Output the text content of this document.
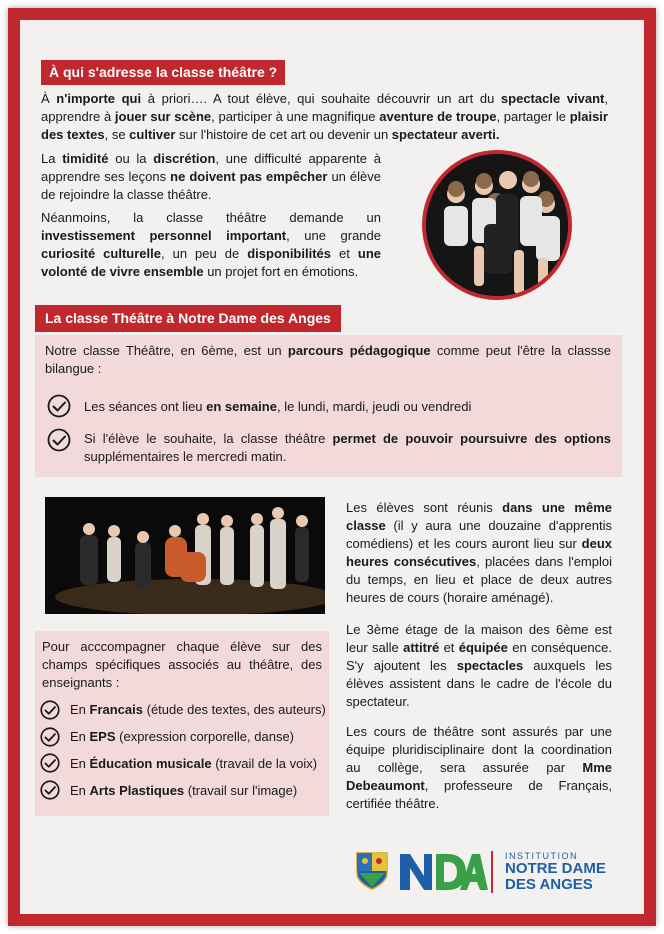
À qui s'adresse la classe théâtre ?
À n'importe qui à priori…. A tout élève, qui souhaite découvrir un art du spectacle vivant, apprendre à jouer sur scène, participer à une magnifique aventure de troupe, partager le plaisir des textes, se cultiver sur l'histoire de cet art ou devenir un spectateur averti.
La timidité ou la discrétion, une difficulté apparente à apprendre ses leçons ne doivent pas empêcher un élève de rejoindre la classe théâtre.
Néanmoins, la classe théâtre demande un investissement personnel important, une grande curiosité culturelle, un peu de disponibilités et une volonté de vivre ensemble un projet fort en émotions.
La classe Théâtre à Notre Dame des Anges
Notre classe Théâtre, en 6ème, est un parcours pédagogique comme peut l'être la classse bilangue :
Les séances ont lieu en semaine, le lundi, mardi, jeudi ou vendredi
Si l'élève le souhaite, la classe théâtre permet de pouvoir poursuivre des options supplémentaires le mercredi matin.
Les élèves sont réunis dans une même classe (il y aura une douzaine d'apprentis comédiens) et les cours auront lieu sur deux heures consécutives, placées dans l'emploi du temps, en lieu et place de deux autres heures de cours (horaire aménagé).
Le 3ème étage de la maison des 6ème est leur salle attitré et équipée en conséquence. S'y ajoutent les spectacles auxquels les élèves assistent dans le cadre de l'école du spectateur.
Les cours de théâtre sont assurés par une équipe pluridisciplinaire dont la coordination au collège, sera assurée par Mme Debeaumont, professeure de Français, certifiée théâtre.
Pour acccompagner chaque élève sur des champs spécifiques associés au théâtre, des enseignants :
En Francais (étude des textes, des auteurs)
En EPS (expression corporelle, danse)
En Éducation musicale (travail de la voix)
En Arts Plastiques (travail sur l'image)
INSTITUTION
NOTRE DAME
DES ANGES
